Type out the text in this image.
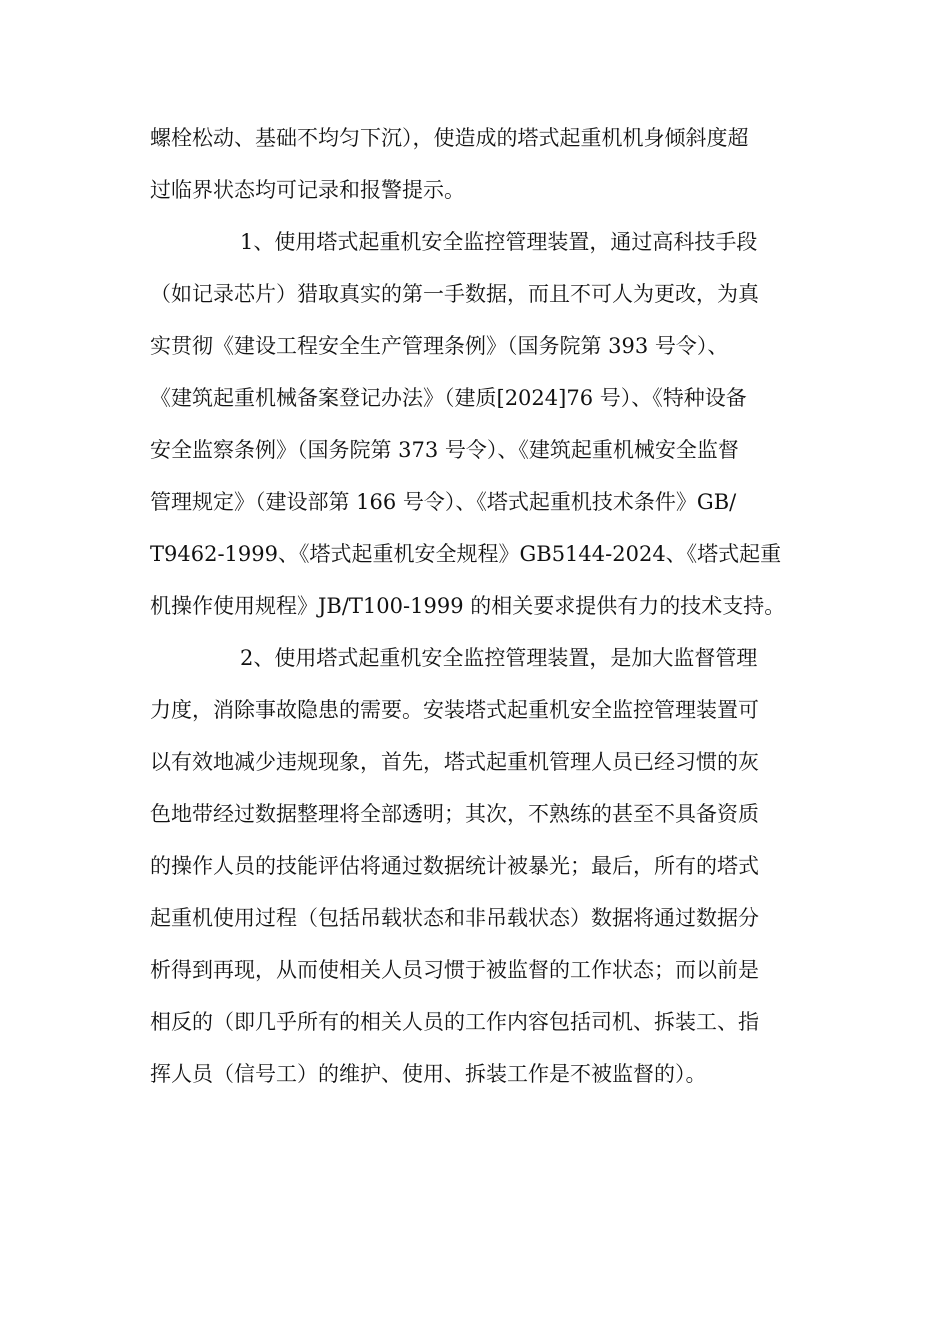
螺栓松动、基础不均匀下沉），使造成的塔式起重机机身倾斜度超
过临界状态均可记录和报警提示。
1、使用塔式起重机安全监控管理装置，通过高科技手段
（如记录芯片）猎取真实的第一手数据，而且不可人为更改，为真
实贯彻《建设工程安全生产管理条例》（国务院第 393 号令）、
《建筑起重机械备案登记办法》（建质[2024]76 号）、《特种设备
安全监察条例》（国务院第 373 号令）、《建筑起重机械安全监督
管理规定》（建设部第 166 号令）、《塔式起重机技术条件》GB/
T9462-1999、《塔式起重机安全规程》GB5144-2024、《塔式起重
机操作使用规程》JB/T100-1999 的相关要求提供有力的技术支持。
2、使用塔式起重机安全监控管理装置，是加大监督管理
力度，消除事故隐患的需要。安装塔式起重机安全监控管理装置可
以有效地减少违规现象，首先，塔式起重机管理人员已经习惯的灰
色地带经过数据整理将全部透明；其次，不熟练的甚至不具备资质
的操作人员的技能评估将通过数据统计被暴光；最后，所有的塔式
起重机使用过程（包括吊载状态和非吊载状态）数据将通过数据分
析得到再现，从而使相关人员习惯于被监督的工作状态；而以前是
相反的（即几乎所有的相关人员的工作内容包括司机、拆装工、指
挥人员（信号工）的维护、使用、拆装工作是不被监督的）。
